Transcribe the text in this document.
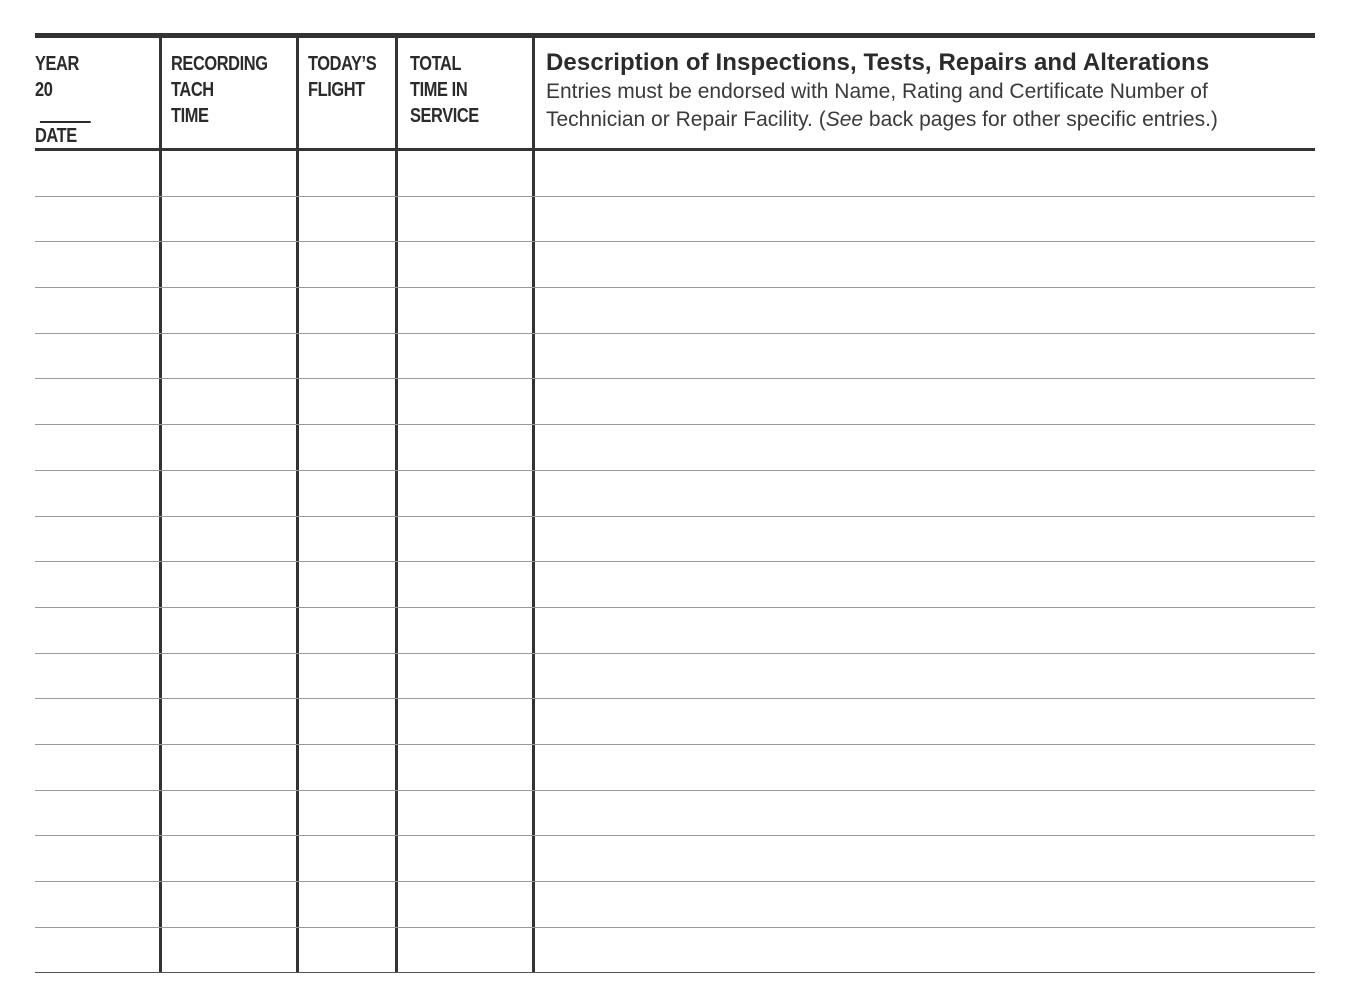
YEAR
20
DATE
RECORDING
TACH
TIME
TODAY’S
FLIGHT
TOTAL
TIME IN
SERVICE
Description of Inspections, Tests, Repairs and Alterations
Entries must be endorsed with Name, Rating and Certificate Number of
Technician or Repair Facility. (See back pages for other specific entries.)
